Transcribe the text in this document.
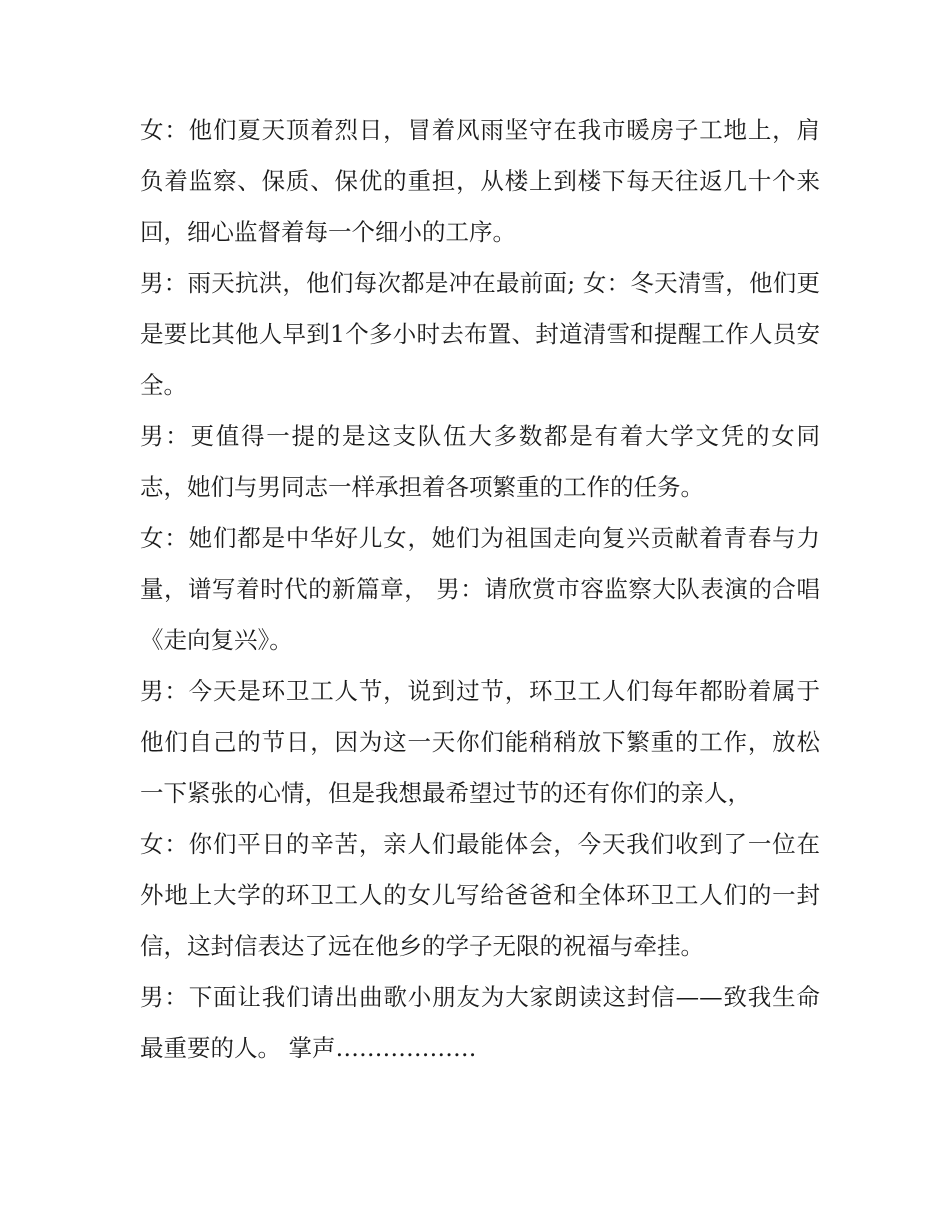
女：他们夏天顶着烈日，冒着风雨坚守在我市暖房子工地上，肩负着监察、保质、保优的重担，从楼上到楼下每天往返几十个来回，细心监督着每一个细小的工序。

男：雨天抗洪，他们每次都是冲在最前面; 女：冬天清雪，他们更是要比其他人早到1个多小时去布置、封道清雪和提醒工作人员安全。

男：更值得一提的是这支队伍大多数都是有着大学文凭的女同志，她们与男同志一样承担着各项繁重的工作的任务。

女：她们都是中华好儿女，她们为祖国走向复兴贡献着青春与力量，谱写着时代的新篇章， 男：请欣赏市容监察大队表演的合唱《走向复兴》。

男：今天是环卫工人节，说到过节，环卫工人们每年都盼着属于他们自己的节日，因为这一天你们能稍稍放下繁重的工作，放松一下紧张的心情，但是我想最希望过节的还有你们的亲人，

女：你们平日的辛苦，亲人们最能体会，今天我们收到了一位在外地上大学的环卫工人的女儿写给爸爸和全体环卫工人们的一封信，这封信表达了远在他乡的学子无限的祝福与牵挂。

男：下面让我们请出曲歌小朋友为大家朗读这封信——致我生命最重要的人。 掌声………………
